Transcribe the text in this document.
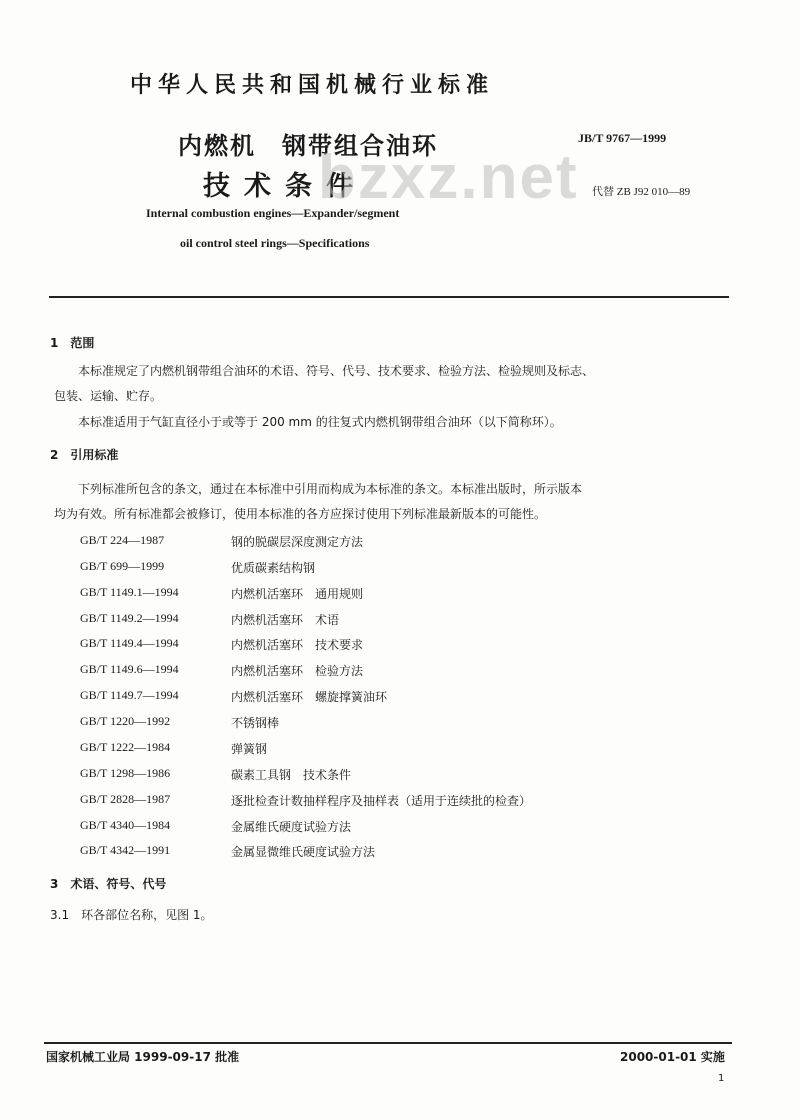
中华人民共和国机械行业标准
内燃机　钢带组合油环
技术条件
bzxz.net
JB/T 9767—1999
代替 ZB J92 010—89
Internal combustion engines—Expander/segment
oil control steel rings—Specifications
1　范围
本标准规定了内燃机钢带组合油环的术语、符号、代号、技术要求、检验方法、检验规则及标志、
包装、运输、贮存。
本标准适用于气缸直径小于或等于 200 mm 的往复式内燃机钢带组合油环（以下简称环）。
2　引用标准
下列标准所包含的条文，通过在本标准中引用而构成为本标准的条文。本标准出版时，所示版本
均为有效。所有标准都会被修订，使用本标准的各方应探讨使用下列标准最新版本的可能性。
GB/T 224—1987	钢的脱碳层深度测定方法
GB/T 699—1999	优质碳素结构钢
GB/T 1149.1—1994	内燃机活塞环　通用规则
GB/T 1149.2—1994	内燃机活塞环　术语
GB/T 1149.4—1994	内燃机活塞环　技术要求
GB/T 1149.6—1994	内燃机活塞环　检验方法
GB/T 1149.7—1994	内燃机活塞环　螺旋撑簧油环
GB/T 1220—1992	不锈钢棒
GB/T 1222—1984	弹簧钢
GB/T 1298—1986	碳素工具钢　技术条件
GB/T 2828—1987	逐批检查计数抽样程序及抽样表（适用于连续批的检查）
GB/T 4340—1984	金属维氏硬度试验方法
GB/T 4342—1991	金属显微维氏硬度试验方法
3　术语、符号、代号
3.1　环各部位名称，见图 1。
国家机械工业局 1999-09-17 批准	2000-01-01 实施
1
